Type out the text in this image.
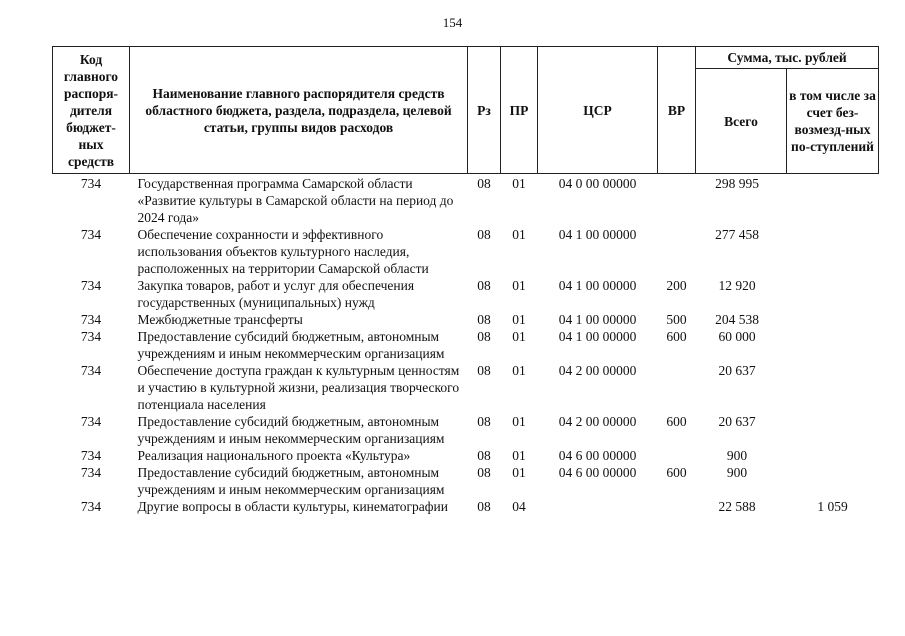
154
Код главного распоря-дителя бюджет-ных средств	Наименование главного распорядителя средств областного бюджета, раздела, подраздела, целевой статьи, группы видов расходов	Рз	ПР	ЦСР	ВР	Сумма, тыс. рублей	
						Всего	в том числе за счет без-возмезд-ных по-ступлений
734	Государственная программа Самарской области «Развитие культуры в Самарской области на период до 2024 года»	08	01	04 0 00 00000		298 995	
734	Обеспечение сохранности и эффективного использования объектов культурного наследия, расположенных на территории Самарской области	08	01	04 1 00 00000		277 458	
734	Закупка товаров, работ и услуг для обеспечения государственных (муниципальных) нужд	08	01	04 1 00 00000	200	12 920	
734	Межбюджетные трансферты	08	01	04 1 00 00000	500	204 538	
734	Предоставление субсидий бюджетным, автономным учреждениям и иным некоммерческим организациям	08	01	04 1 00 00000	600	60 000	
734	Обеспечение доступа граждан к культурным ценностям и участию в культурной жизни, реализация творческого потенциала населения	08	01	04 2 00 00000		20 637	
734	Предоставление субсидий бюджетным, автономным учреждениям и иным некоммерческим организациям	08	01	04 2 00 00000	600	20 637	
734	Реализация национального проекта «Культура»	08	01	04 6 00 00000		900	
734	Предоставление субсидий бюджетным, автономным учреждениям и иным некоммерческим организациям	08	01	04 6 00 00000	600	900	
734	Другие вопросы в области культуры, кинематографии	08	04			22 588	1 059
